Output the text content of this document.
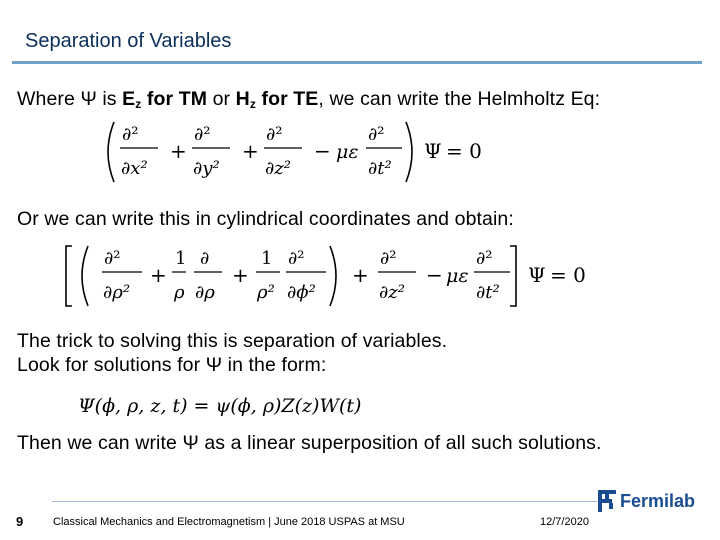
Separation of Variables
Where Ψ is $E_z$ for TM or $H_z$ for TE, we can write the Helmholtz Eq:
∂²
∂x²
+
∂²
∂y²
+
∂²
∂z²
− με
∂²
∂t²
Ψ = 0
Or we can write this in cylindrical coordinates and obtain:
∂²
∂ρ²
+
1
ρ
∂
∂ρ
+
1
ρ²
∂²
∂ϕ²
+
∂²
∂z²
− με
∂²
∂t²
Ψ = 0
The trick to solving this is separation of variables.
Look for solutions for Ψ in the form:
Ψ(ϕ, ρ, z, t) = ψ(ϕ, ρ)Z(z)W(t)
Then we can write Ψ as a linear superposition of all such solutions.
9	Classical Mechanics and Electromagnetism | June 2018 USPAS at MSU	12/7/2020
Fermilab
